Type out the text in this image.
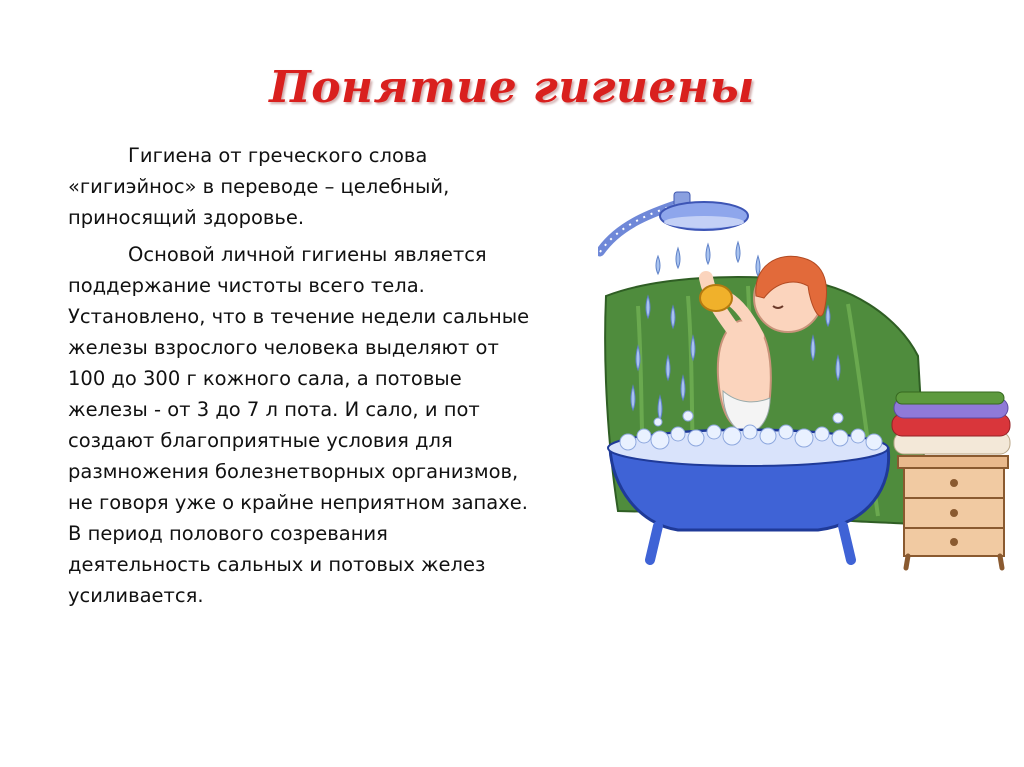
Понятие гигиены

Гигиена от греческого слова
«гигиэйнос» в переводе – целебный,
приносящий здоровье.

Основой личной гигиены является
поддержание чистоты всего тела.
Установлено, что в течение недели сальные
железы взрослого человека выделяют от
100 до 300 г кожного сала, а потовые
железы - от 3 до 7 л пота. И сало, и пот
создают благоприятные условия для
размножения болезнетворных организмов,
не говоря уже о крайне неприятном запахе.
В период полового созревания
деятельность сальных и потовых желез
усиливается.
